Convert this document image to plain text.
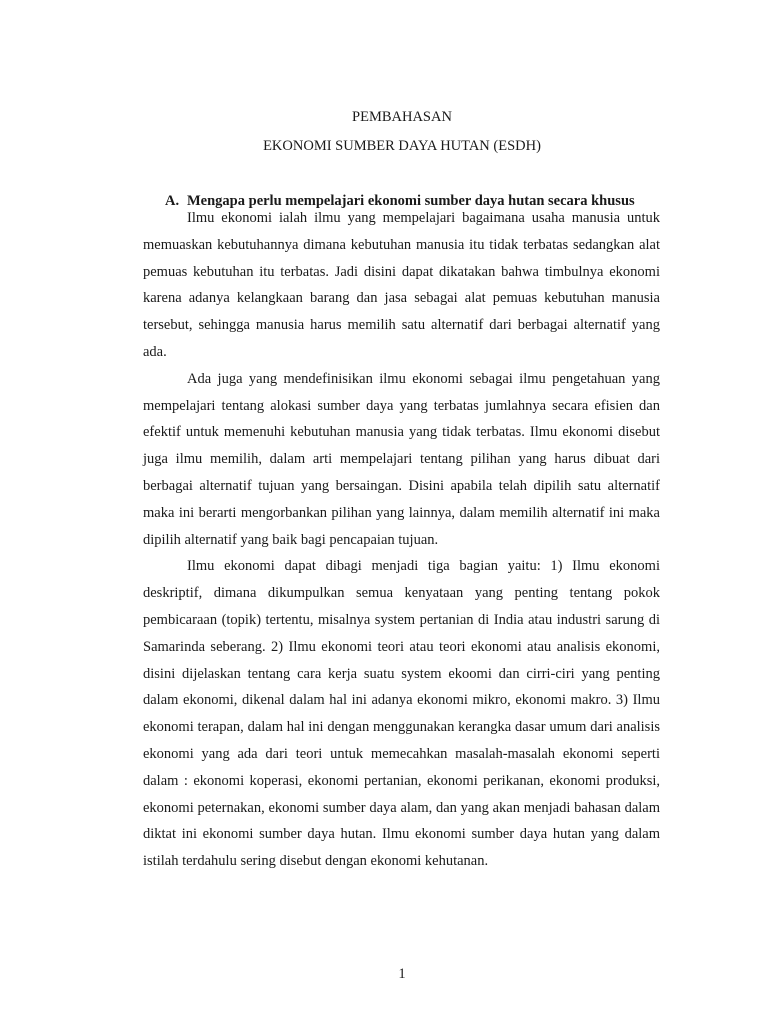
PEMBAHASAN
EKONOMI SUMBER DAYA HUTAN (ESDH)
A. Mengapa perlu mempelajari ekonomi sumber daya hutan secara khusus

Ilmu ekonomi ialah ilmu yang mempelajari bagaimana usaha manusia untuk memuaskan kebutuhannya dimana kebutuhan manusia itu tidak terbatas sedangkan alat pemuas kebutuhan itu terbatas. Jadi disini dapat dikatakan bahwa timbulnya ekonomi karena adanya kelangkaan barang dan jasa sebagai alat pemuas kebutuhan manusia tersebut, sehingga manusia harus memilih satu alternatif dari berbagai alternatif yang ada.

Ada juga yang mendefinisikan ilmu ekonomi sebagai ilmu pengetahuan yang mempelajari tentang alokasi sumber daya yang terbatas jumlahnya secara efisien dan efektif untuk memenuhi kebutuhan manusia yang tidak terbatas. Ilmu ekonomi disebut juga ilmu memilih, dalam arti mempelajari tentang pilihan yang harus dibuat dari berbagai alternatif tujuan yang bersaingan. Disini apabila telah dipilih satu alternatif maka ini berarti mengorbankan pilihan yang lainnya, dalam memilih alternatif ini maka dipilih alternatif yang baik bagi pencapaian tujuan.

Ilmu ekonomi dapat dibagi menjadi tiga bagian yaitu: 1) Ilmu ekonomi deskriptif, dimana dikumpulkan semua kenyataan yang penting tentang pokok pembicaraan (topik) tertentu, misalnya system pertanian di India atau industri sarung di Samarinda seberang. 2) Ilmu ekonomi teori atau teori ekonomi atau analisis ekonomi, disini dijelaskan tentang cara kerja suatu system ekoomi dan cirri-ciri yang penting dalam ekonomi, dikenal dalam hal ini adanya ekonomi mikro, ekonomi makro. 3) Ilmu ekonomi terapan, dalam hal ini dengan menggunakan kerangka dasar umum dari analisis ekonomi yang ada dari teori untuk memecahkan masalah-masalah ekonomi seperti dalam : ekonomi koperasi, ekonomi pertanian, ekonomi perikanan, ekonomi produksi, ekonomi peternakan, ekonomi sumber daya alam, dan yang akan menjadi bahasan dalam diktat ini ekonomi sumber daya hutan. Ilmu ekonomi sumber daya hutan yang dalam istilah terdahulu sering disebut dengan ekonomi kehutanan.

1
